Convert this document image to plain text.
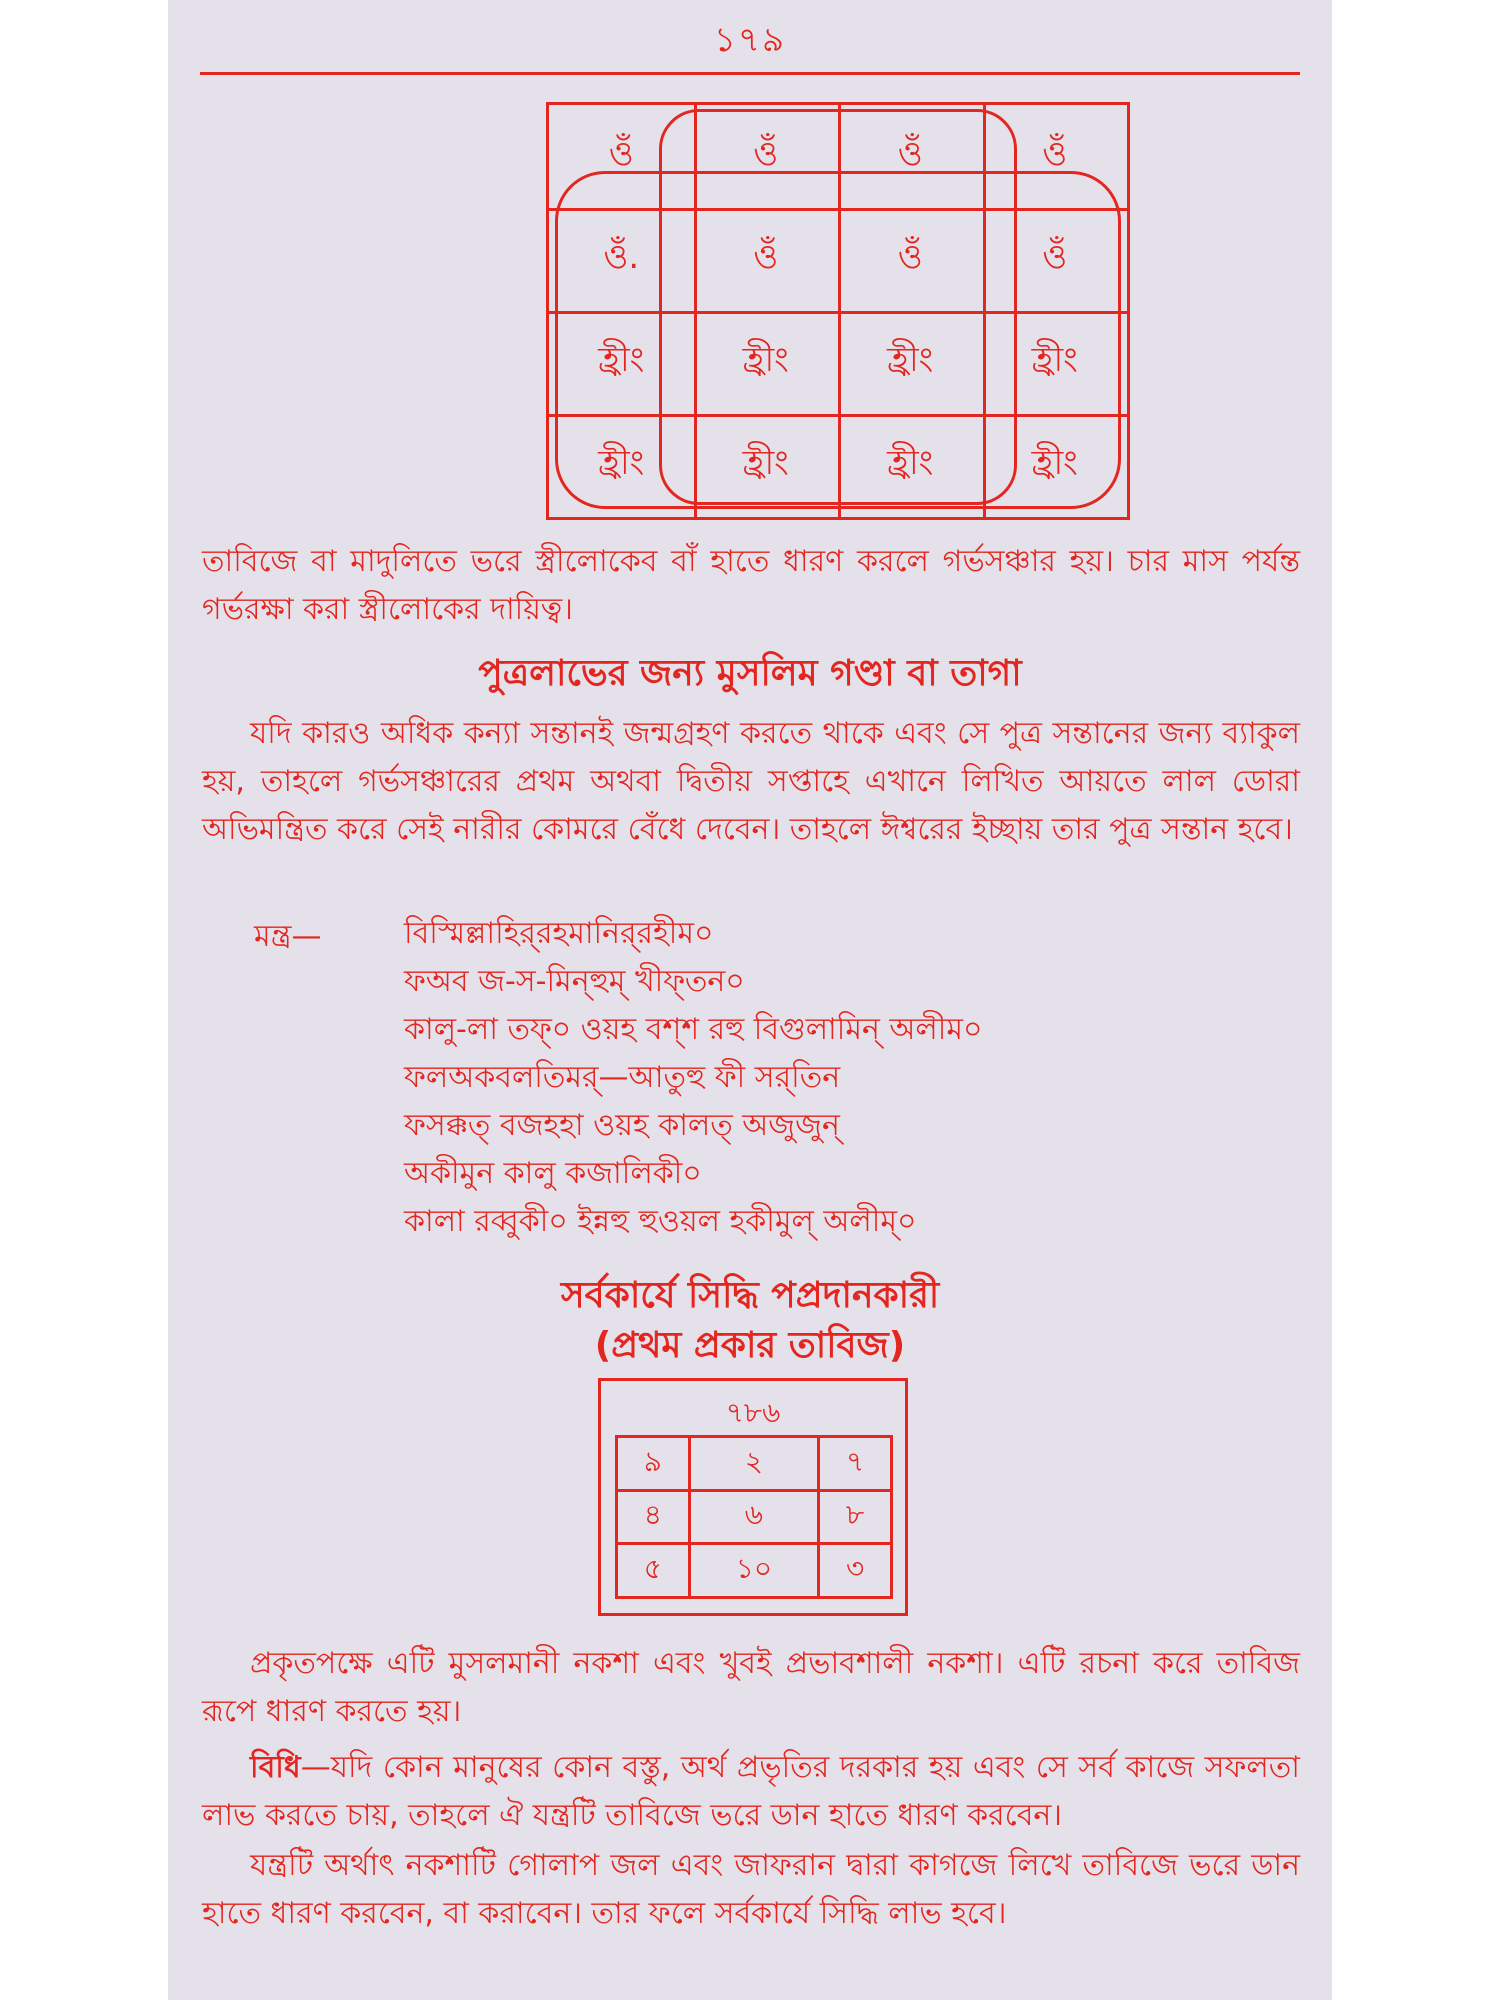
১৭৯
ওঁ	ওঁ	ওঁ	ওঁ
ওঁ.	ওঁ	ওঁ	ওঁ
হ্রীং	হ্রীং	হ্রীং	হ্রীং
হ্রীং	হ্রীং	হ্রীং	হ্রীং
তাবিজে বা মাদুলিতে ভরে স্ত্রীলোকেব বাঁ হাতে ধারণ করলে গর্ভসঞ্চার হয়। চার মাস পর্যন্ত গর্ভরক্ষা করা স্ত্রীলোকের দায়িত্ব।
পুত্রলাভের জন্য মুসলিম গণ্ডা বা তাগা
যদি কারও অধিক কন্যা সন্তানই জন্মগ্রহণ করতে থাকে এবং সে পুত্র সন্তানের জন্য ব্যাকুল হয়, তাহলে গর্ভসঞ্চারের প্রথম অথবা দ্বিতীয় সপ্তাহে এখানে লিখিত আয়তে লাল ডোরা অভিমন্ত্রিত করে সেই নারীর কোমরে বেঁধে দেবেন। তাহলে ঈশ্বরের ইচ্ছায় তার পুত্র সন্তান হবে।
মন্ত্র—	বিস্মিল্লাহির্‌রহমানির্‌রহীম০
ফঅব জ-স-মিন্‌হুম্ খীফ্‌তন০
কালু-লা তফ্‌০ ওয়হ বশ্‌শ রহু বিগুলামিন্ অলীম০
ফলঅকবলতিমর্—আতুহু ফী সর্‌তিন
ফসক্কত্ বজহহা ওয়হ কালত্ অজুজুন্
অকীমুন কালু কজালিকী০
কালা রব্বুকী০ ইন্নহু হুওয়ল হকীমুল্ অলীম্০
সর্বকার্যে সিদ্ধি পপ্রদানকারী
(প্রথম প্রকার তাবিজ)
৭৮৬
৯	২	৭
৪	৬	৮
৫	১০	৩
প্রকৃতপক্ষে এটি মুসলমানী নকশা এবং খুবই প্রভাবশালী নকশা। এটি রচনা করে তাবিজ রূপে ধারণ করতে হয়।
বিধি—যদি কোন মানুষের কোন বস্তু, অর্থ প্রভৃতির দরকার হয় এবং সে সর্ব কাজে সফলতা লাভ করতে চায়, তাহলে ঐ যন্ত্রটি তাবিজে ভরে ডান হাতে ধারণ করবেন।
যন্ত্রটি অর্থাৎ নকশাটি গোলাপ জল এবং জাফরান দ্বারা কাগজে লিখে তাবিজে ভরে ডান হাতে ধারণ করবেন, বা করাবেন। তার ফলে সর্বকার্যে সিদ্ধি লাভ হবে।
